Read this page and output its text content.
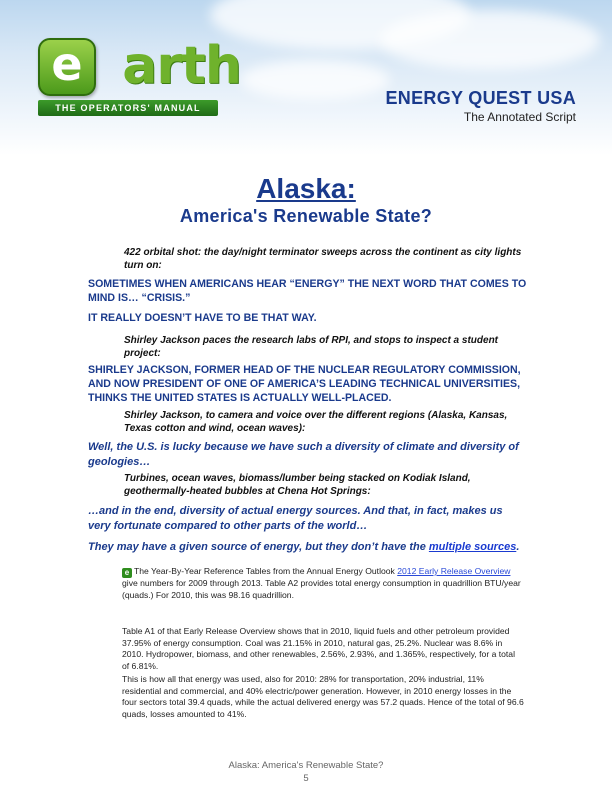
e arth
THE OPERATORS' MANUAL	ENERGY QUEST USA
The Annotated Script
Alaska:
America's Renewable State?
422 orbital shot: the day/night terminator sweeps across the continent as city lights turn on:
SOMETIMES WHEN AMERICANS HEAR “ENERGY” THE NEXT WORD THAT COMES TO MIND IS… “CRISIS.”
IT REALLY DOESN’T HAVE TO BE THAT WAY.
Shirley Jackson paces the research labs of RPI, and stops to inspect a student project:
SHIRLEY JACKSON, FORMER HEAD OF THE NUCLEAR REGULATORY COMMISSION, AND NOW PRESIDENT OF ONE OF AMERICA’S LEADING TECHNICAL UNIVERSITIES, THINKS THE UNITED STATES IS ACTUALLY WELL-PLACED.
Shirley Jackson, to camera and voice over the different regions (Alaska, Kansas, Texas cotton and wind, ocean waves):
Well, the U.S. is lucky because we have such a diversity of climate and diversity of geologies…
Turbines, ocean waves, biomass/lumber being stacked on Kodiak Island, geothermally-heated bubbles at Chena Hot Springs:
…and in the end, diversity of actual energy sources. And that, in fact, makes us very fortunate compared to other parts of the world…
They may have a given source of energy, but they don’t have the multiple sources.
e The Year-By-Year Reference Tables from the Annual Energy Outlook 2012 Early Release Overview give numbers for 2009 through 2013. Table A2 provides total energy consumption in quadrillion BTU/year (quads.) For 2010, this was 98.16 quadrillion.
Table A1 of that Early Release Overview shows that in 2010, liquid fuels and other petroleum provided 37.95% of energy consumption. Coal was 21.15% in 2010, natural gas, 25.2%. Nuclear was 8.6% in 2010. Hydropower, biomass, and other renewables, 2.56%, 2.93%, and 1.365%, respectively, for a total of 6.81%.
This is how all that energy was used, also for 2010: 28% for transportation, 20% industrial, 11% residential and commercial, and 40% electric/power generation. However, in 2010 energy losses in the four sectors total 39.4 quads, while the actual delivered energy was 57.2 quads. Hence of the total of 96.6 quads, losses amounted to 41%.
Alaska: America's Renewable State?
5
